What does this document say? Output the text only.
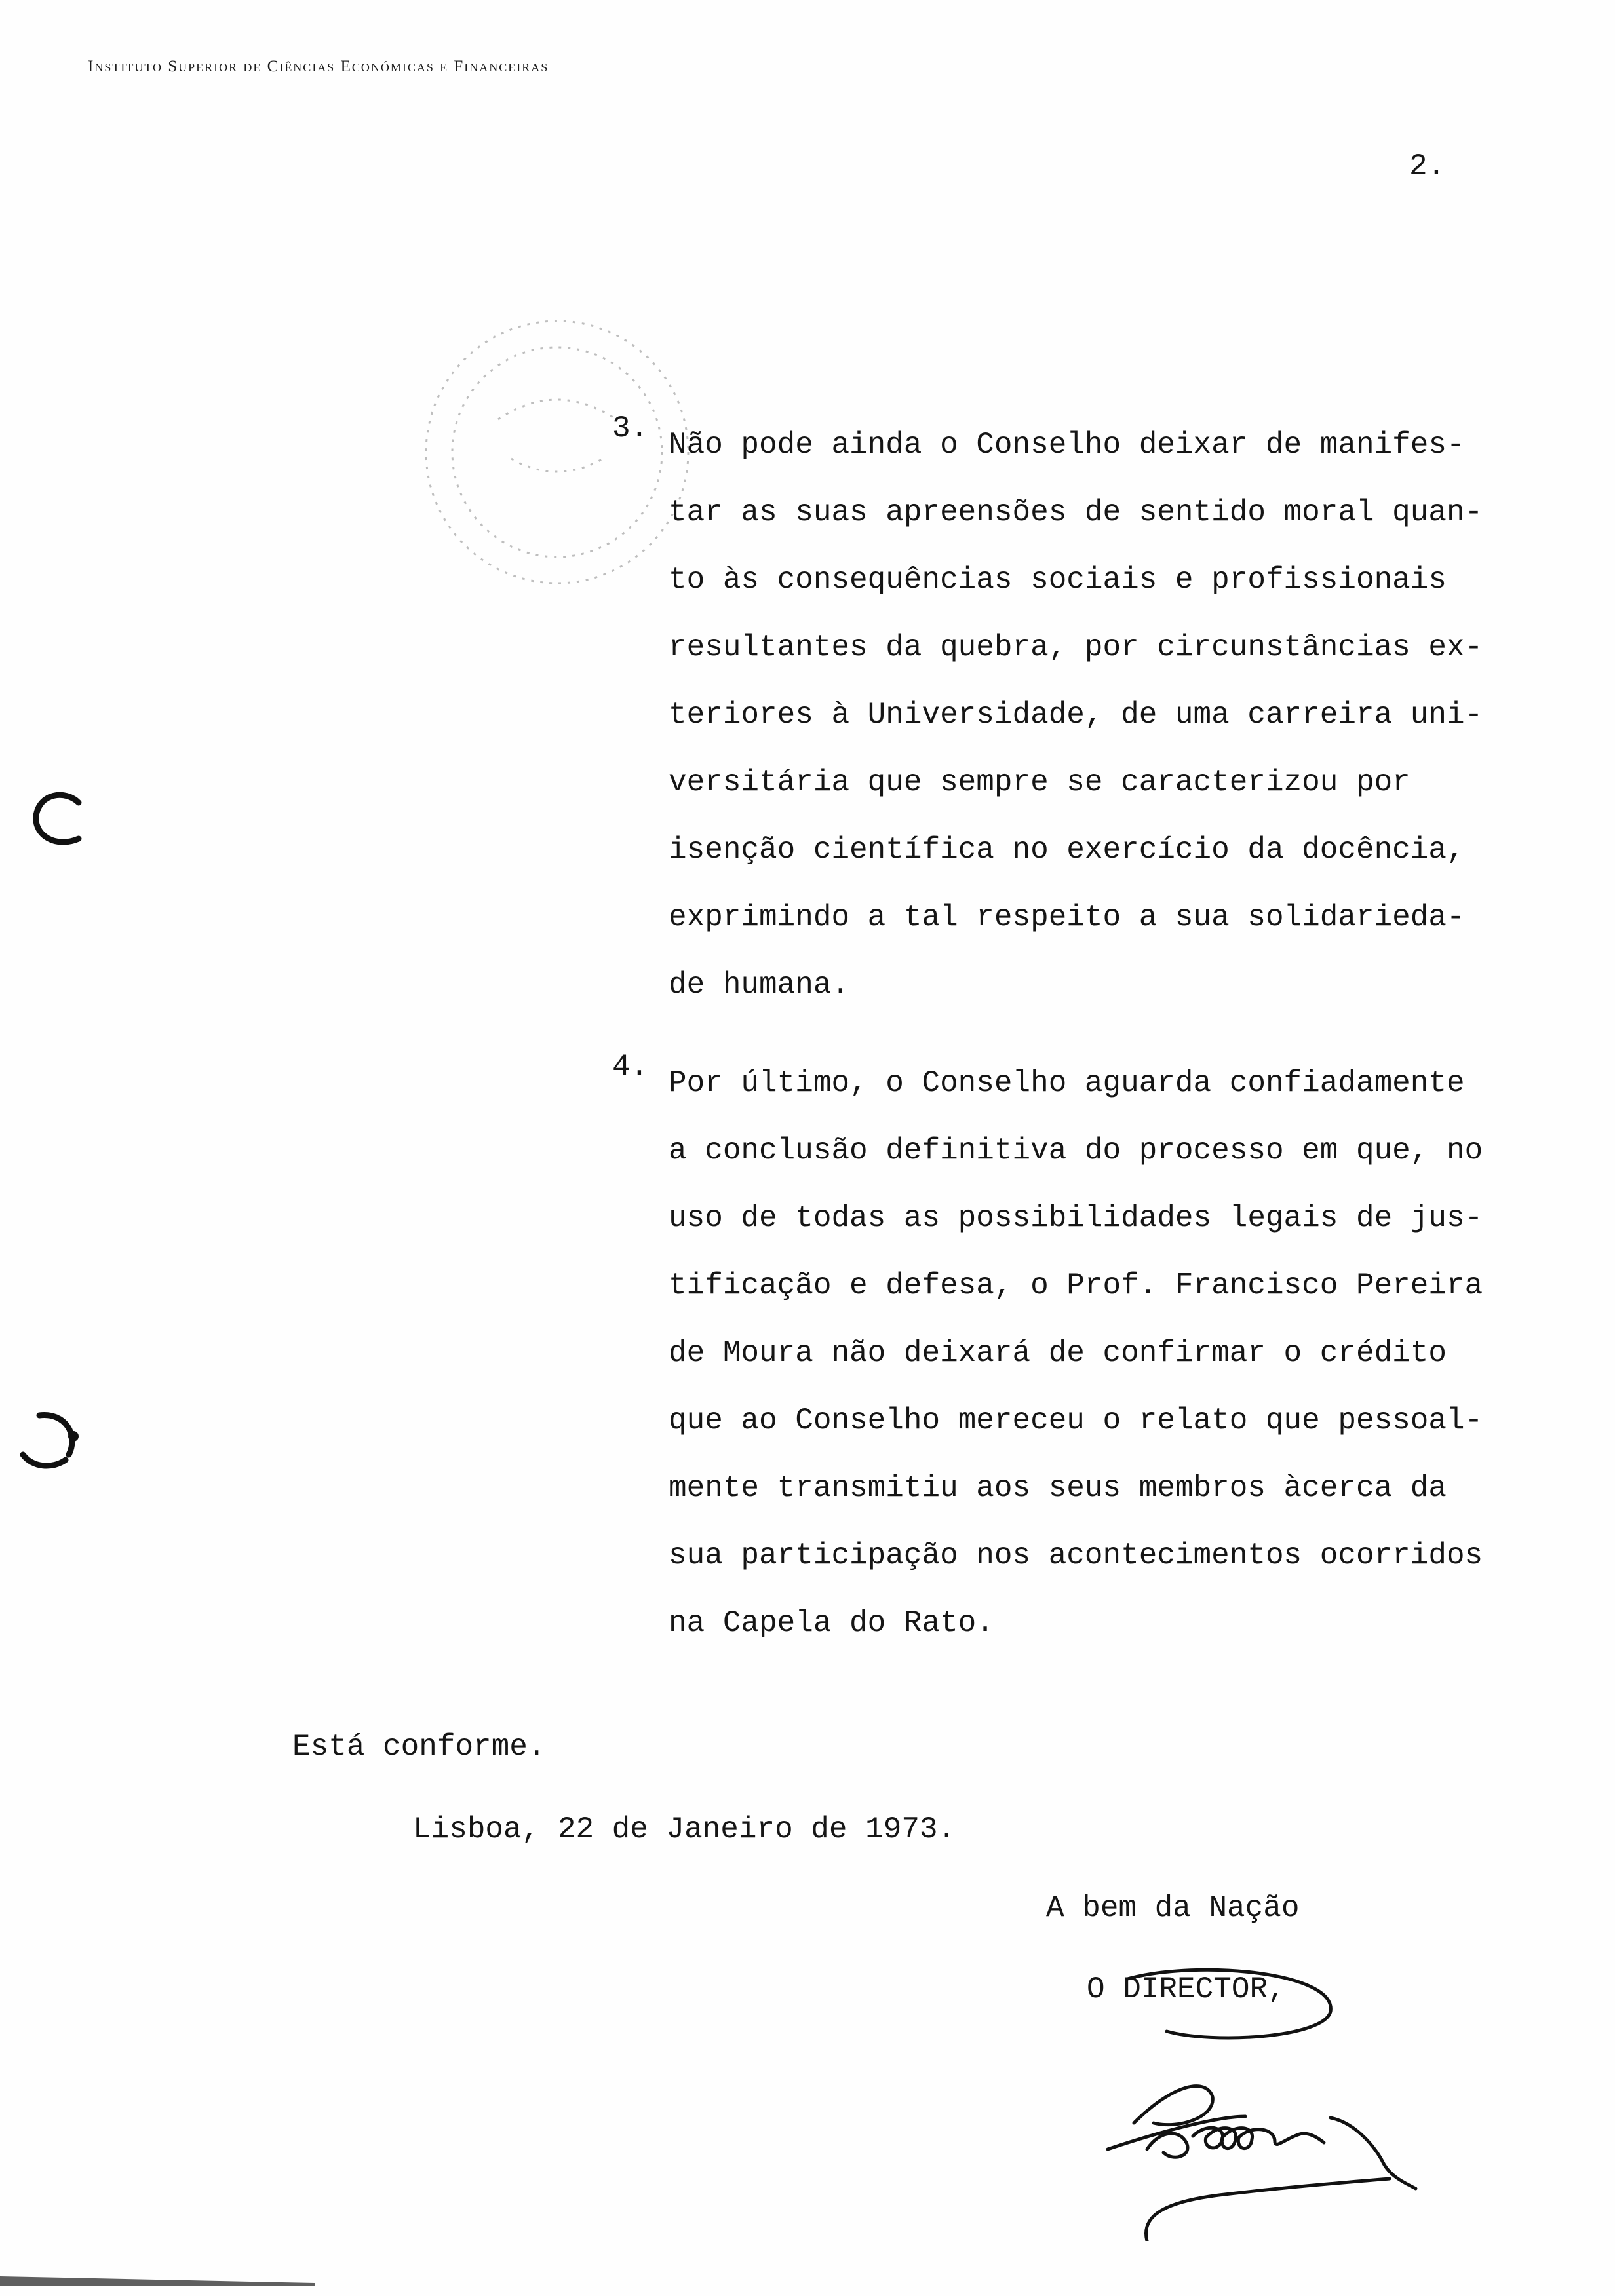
Instituto Superior de Ciências Económicas e Financeiras
2.
3. Não pode ainda o Conselho deixar de manifes-
tar as suas apreensões de sentido moral quan-
to às consequências sociais e profissionais
resultantes da quebra, por circunstâncias ex-
teriores à Universidade, de uma carreira uni-
versitária que sempre se caracterizou por
isenção científica no exercício da docência,
exprimindo a tal respeito a sua solidarieda-
de humana.
4. Por último, o Conselho aguarda confiadamente
a conclusão definitiva do processo em que, no
uso de todas as possibilidades legais de jus-
tificação e defesa, o Prof. Francisco Pereira
de Moura não deixará de confirmar o crédito
que ao Conselho mereceu o relato que pessoal-
mente transmitiu aos seus membros àcerca da
sua participação nos acontecimentos ocorridos
na Capela do Rato.
Está conforme.
Lisboa, 22 de Janeiro de 1973.
A bem da Nação
O DIRECTOR,
